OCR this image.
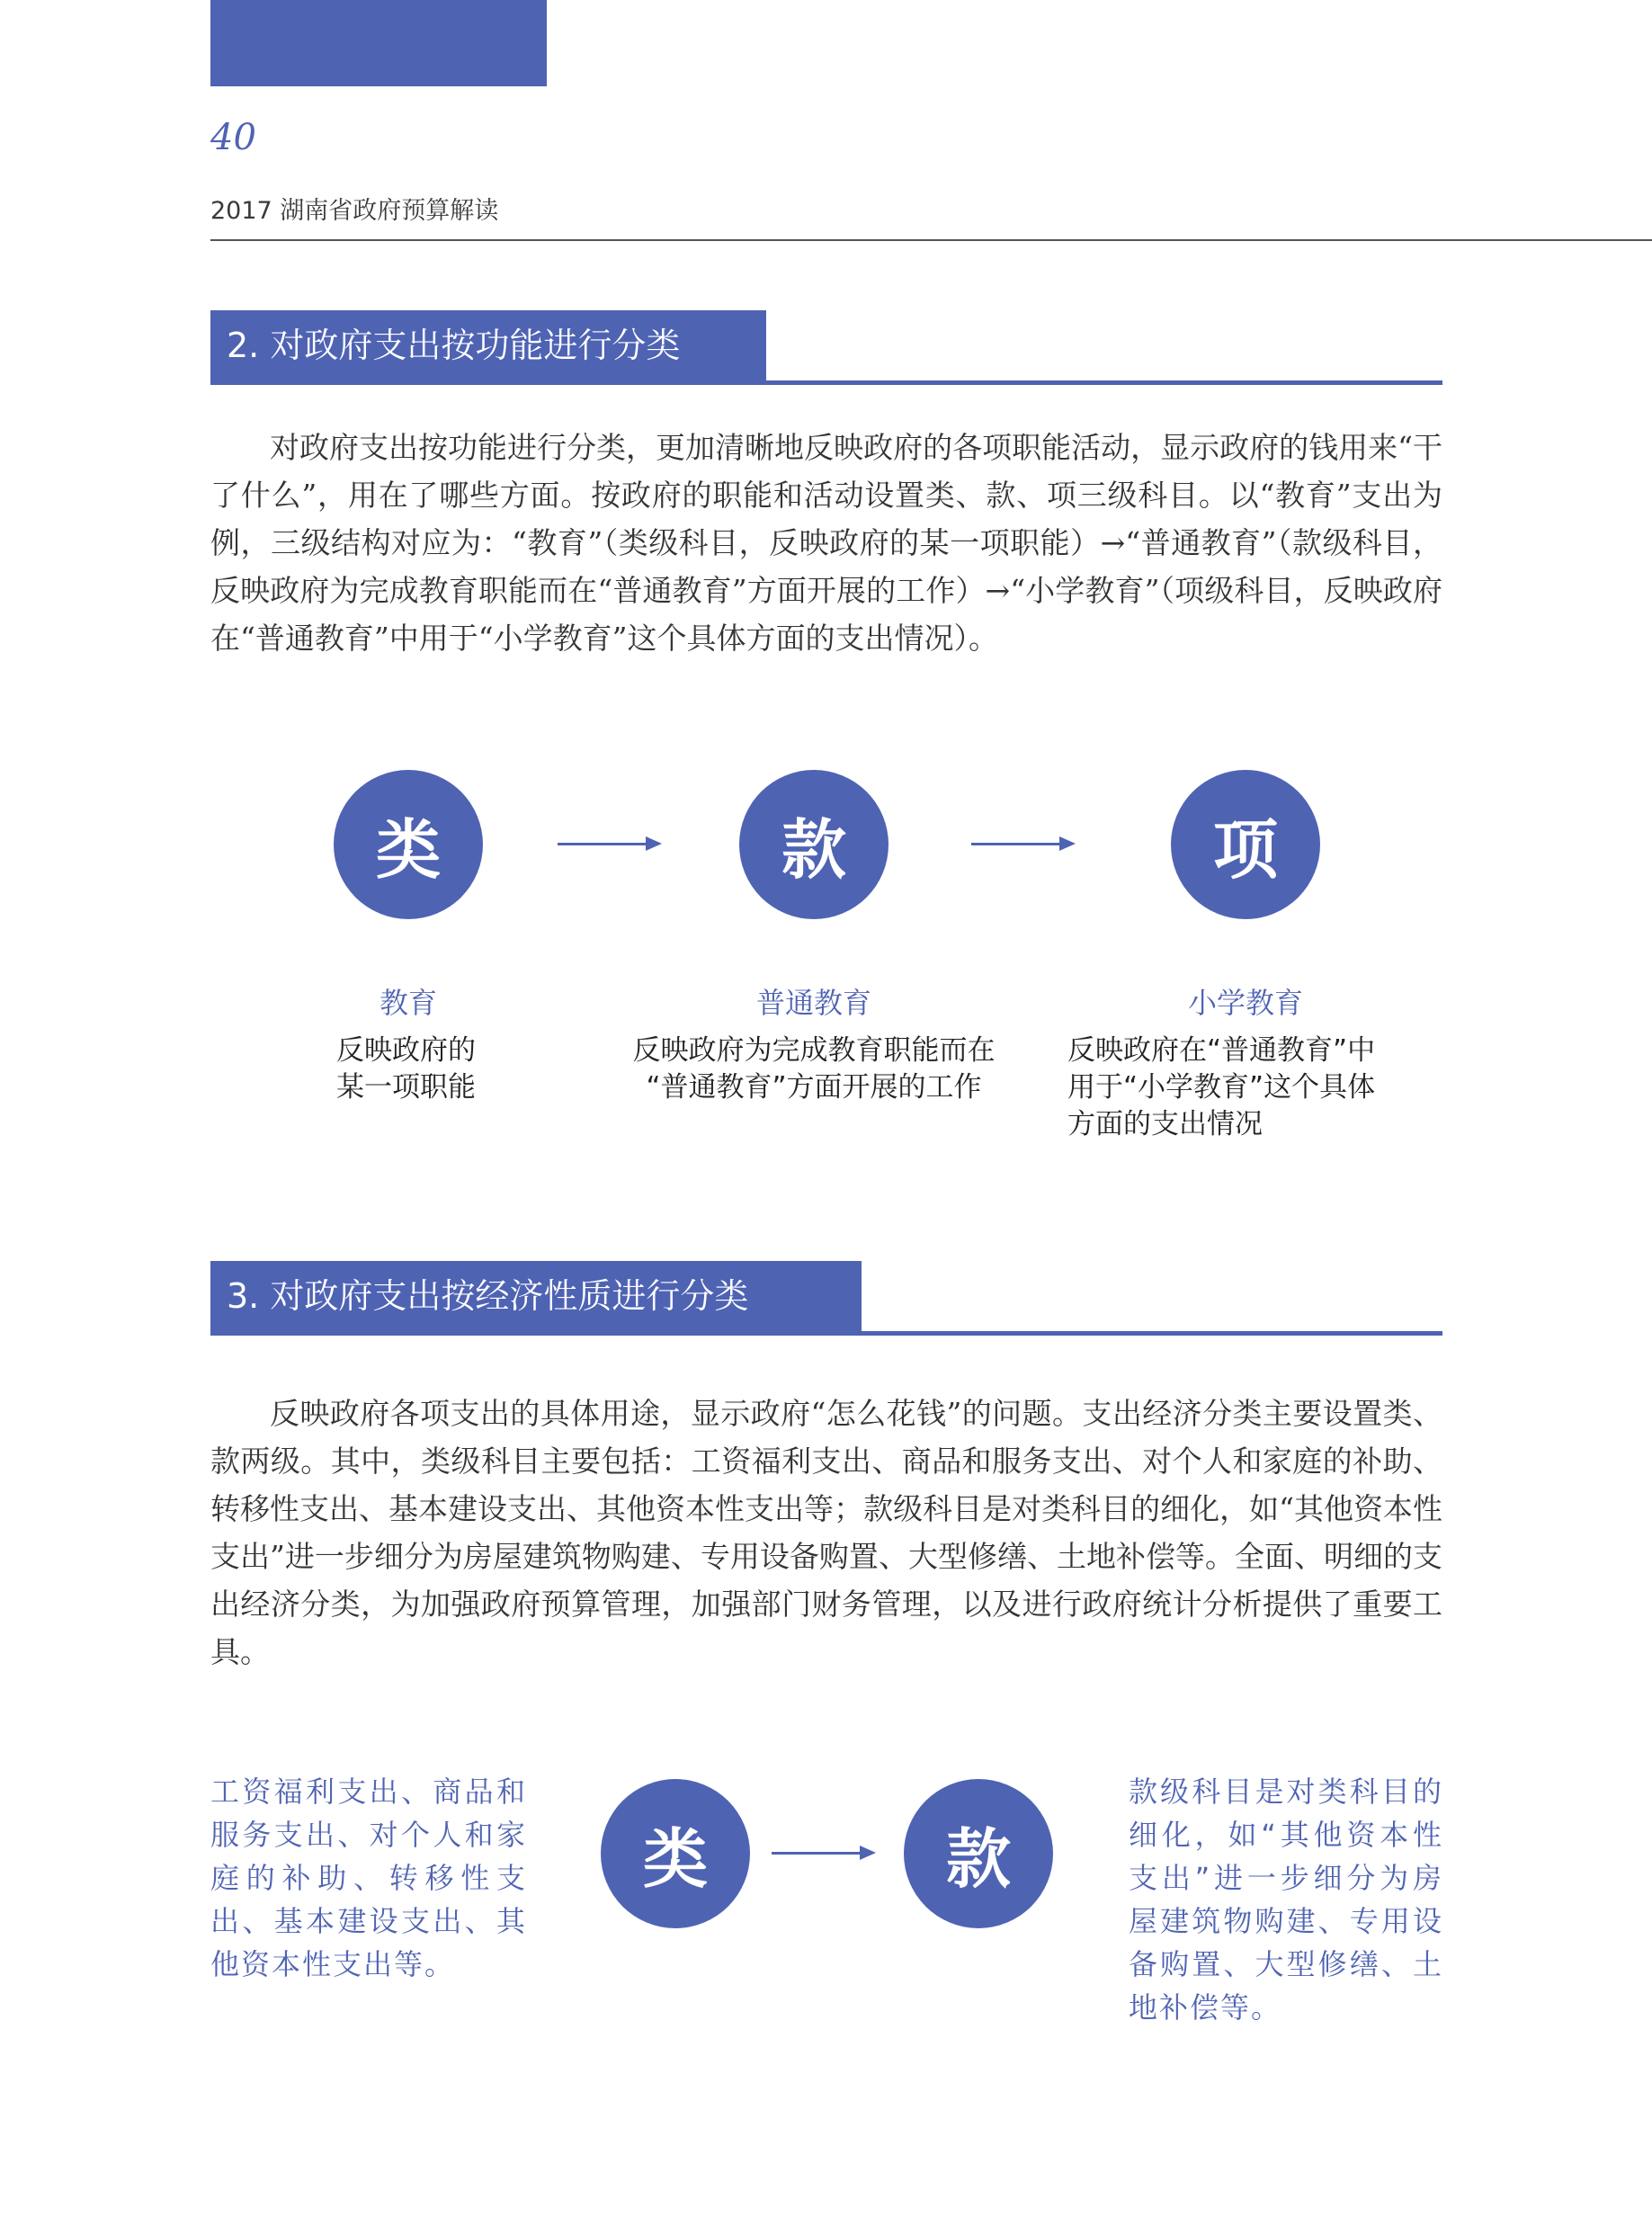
40
2017 湖南省政府预算解读
2. 对政府支出按功能进行分类

对政府支出按功能进行分类，更加清晰地反映政府的各项职能活动，显示政府的钱用来“干了什么”，用在了哪些方面。按政府的职能和活动设置类、款、项三级科目。以“教育”支出为例，三级结构对应为：“教育”（类级科目，反映政府的某一项职能）→“普通教育”（款级科目，反映政府为完成教育职能而在“普通教育”方面开展的工作）→“小学教育”（项级科目，反映政府在“普通教育”中用于“小学教育”这个具体方面的支出情况）。

类	款	项
教育
反映政府的
某一项职能
普通教育
反映政府为完成教育职能而在
“普通教育”方面开展的工作
小学教育
反映政府在“普通教育”中
用于“小学教育”这个具体
方面的支出情况
3. 对政府支出按经济性质进行分类

反映政府各项支出的具体用途，显示政府“怎么花钱”的问题。支出经济分类主要设置类、款两级。其中，类级科目主要包括：工资福利支出、商品和服务支出、对个人和家庭的补助、转移性支出、基本建设支出、其他资本性支出等；款级科目是对类科目的细化，如“其他资本性支出”进一步细分为房屋建筑物购建、专用设备购置、大型修缮、土地补偿等。全面、明细的支出经济分类，为加强政府预算管理，加强部门财务管理，以及进行政府统计分析提供了重要工具。

工资福利支出、商品和服务支出、对个人和家庭的补助、转移性支出、基本建设支出、其他资本性支出等。
类	款
款级科目是对类科目的细化，如“其他资本性支出”进一步细分为房屋建筑物购建、专用设备购置、大型修缮、土地补偿等。
